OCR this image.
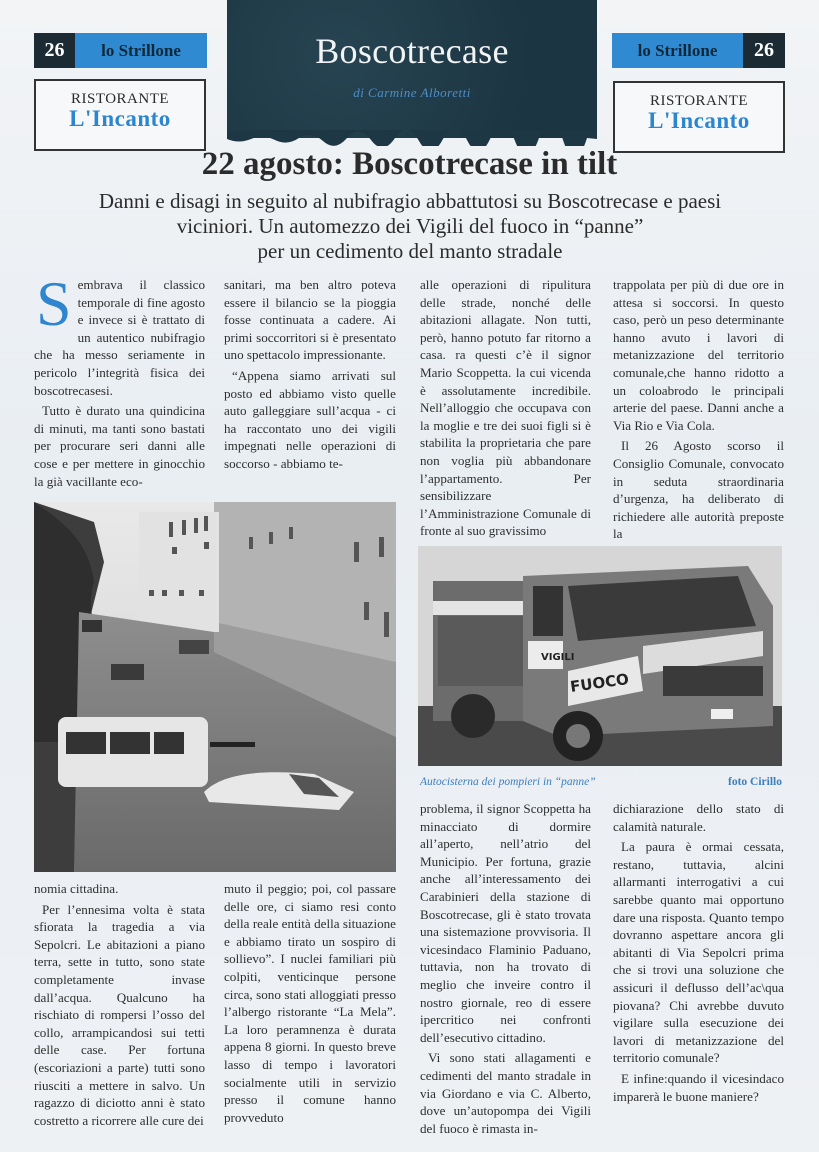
26	lo Strillone
RISTORANTE
L'Incanto
Boscotrecase
di Carmine Alboretti
lo Strillone	26
RISTORANTE
L'Incanto
22 agosto: Boscotrecase in tilt
Danni e disagi in seguito al nubifragio abbattutosi su Boscotrecase e paesi
viciniori. Un automezzo dei Vigili del fuoco in “panne”
per un cedimento del manto stradale

Sembrava il classico temporale di fine agosto e invece si è trattato di un autentico nubifragio che ha messo seriamente in pericolo l’integrità fisica dei boscotrecasesi.

Tutto è durato una quindicina di minuti, ma tanti sono bastati per procurare seri danni alle cose e per mettere in ginocchio la già vacillante eco-

sanitari, ma ben altro poteva essere il bilancio se la pioggia fosse continuata a cadere. Ai primi soccorritori si è presentato uno spettacolo impressionante.

“Appena siamo arrivati sul posto ed abbiamo visto quelle auto galleggiare sull’acqua - ci ha raccontato uno dei vigili impegnati nelle operazioni di soccorso - abbiamo te-

alle operazioni di ripulitura delle strade, nonché delle abitazioni allagate. Non tutti, però, hanno potuto far ritorno a casa. ra questi c’è il signor Mario Scoppetta. la cui vicenda è assolutamente incredibile. Nell’alloggio che occupava con la moglie e tre dei suoi figli si è stabilita la proprietaria che pare non voglia più abbandonare l’appartamento. Per sensibilizzare l’Amministrazione Comunale di fronte al suo gravissimo

trappolata per più di due ore in attesa si soccorsi. In questo caso, però un peso determinante hanno avuto i lavori di metanizzazione del territorio comunale,che hanno ridotto a un coloabrodo le principali arterie del paese. Danni anche a Via Rio e Via Cola.

Il 26 Agosto scorso il Consiglio Comunale, convocato in seduta straordinaria d’urgenza, ha deliberato di richiedere alle autorità preposte la

VIGILI
FUOCO
Autocisterna dei pompieri in “panne”	foto Cirillo

nomia cittadina.

Per l’ennesima volta è stata sfiorata la tragedia a via Sepolcri. Le abitazioni a piano terra, sette in tutto, sono state completamente invase dall’acqua. Qualcuno ha rischiato di rompersi l’osso del collo, arrampicandosi sui tetti delle case. Per fortuna (escoriazioni a parte) tutti sono riusciti a mettere in salvo. Un ragazzo di diciotto anni è stato costretto a ricorrere alle cure dei

muto il peggio; poi, col passare delle ore, ci siamo resi conto della reale entità della situazione e abbiamo tirato un sospiro di sollievo”. I nuclei familiari più colpiti, venticinque persone circa, sono stati alloggiati presso l’albergo ristorante “La Mela”. La loro peramnenza è durata appena 8 giorni. In questo breve lasso di tempo i lavoratori socialmente utili in servizio presso il comune hanno provveduto

problema, il signor Scoppetta ha minacciato di dormire all’aperto, nell’atrio del Municipio. Per fortuna, grazie anche all’interessamento dei Carabinieri della stazione di Boscotrecase, gli è stato trovata una sistemazione provvisoria. Il vicesindaco Flaminio Paduano, tuttavia, non ha trovato di meglio che inveire contro il nostro giornale, reo di essere ipercritico nei confronti dell’esecutivo cittadino.

Vi sono stati allagamenti e cedimenti del manto stradale in via Giordano e via C. Alberto, dove un’autopompa dei Vigili del fuoco è rimasta in-

dichiarazione dello stato di calamità naturale.

La paura è ormai cessata, restano, tuttavia, alcini allarmanti interrogativi a cui sarebbe quanto mai opportuno dare una risposta. Quanto tempo dovranno aspettare ancora gli abitanti di Via Sepolcri prima che si trovi una soluzione che assicuri il deflusso dell’ac\qua piovana? Chi avrebbe duvuto vigilare sulla esecuzione dei lavori di metanizzazione del territorio comunale?

E infine:quando il vicesindaco imparerà le buone maniere?
